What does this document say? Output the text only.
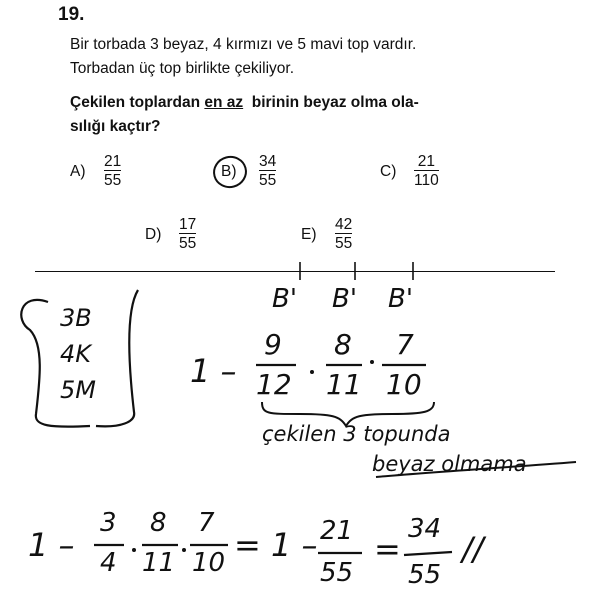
19.
Bir torbada 3 beyaz, 4 kırmızı ve 5 mavi top vardır.
Torbadan üç top birlikte çekiliyor.
Çekilen toplardan en az  birinin beyaz olma ola-
sılığı kaçtır?
$A) \frac{21}{55}$	$B) \frac{34}{55}$	$C) \frac{21}{110}$
$D) \frac{17}{55}$	$E) \frac{42}{55}$
3B
4K
5M
B' B' B'
1 –
9
12
8
11
7
10
çekilen 3 topunda
beyaz olmama
1 –
3
4
8
11
7
10 = 1 – 21
55
=
34
55
//
